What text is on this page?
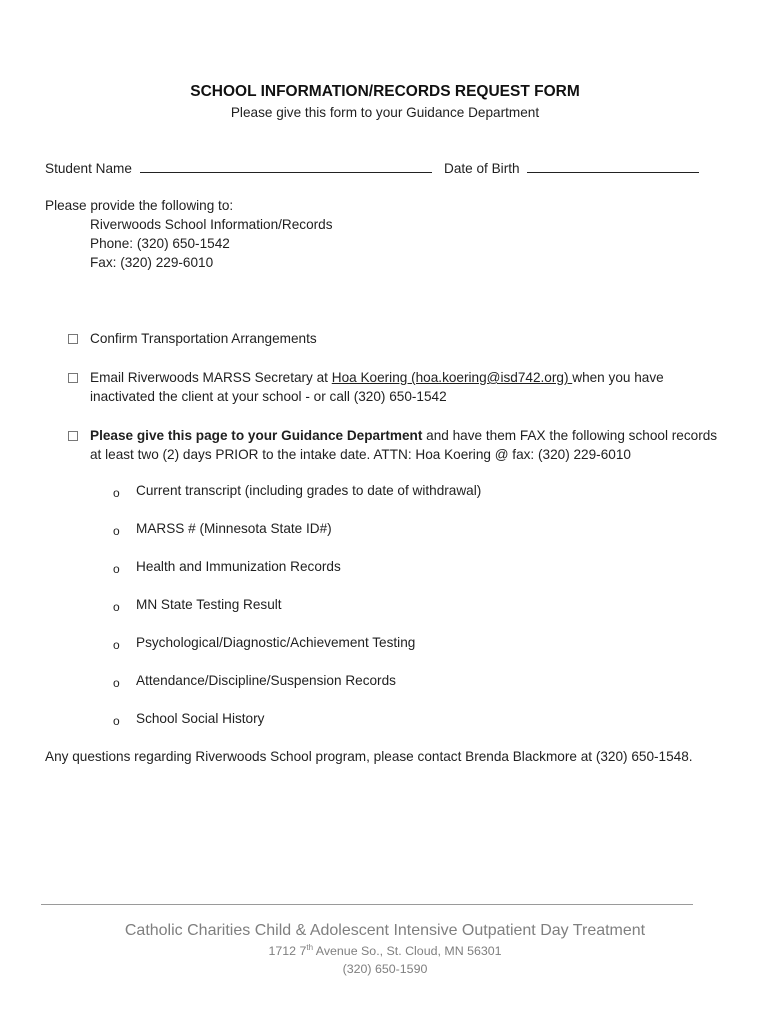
SCHOOL INFORMATION/RECORDS REQUEST FORM
Please give this form to your Guidance Department
Student Name	Date of Birth
Please provide the following to:
Riverwoods School Information/Records
Phone: (320) 650-1542
Fax: (320) 229-6010
Confirm Transportation Arrangements
Email Riverwoods MARSS Secretary at Hoa Koering (hoa.koering@isd742.org) when you have inactivated the client at your school - or call (320) 650-1542
Please give this page to your Guidance Department and have them FAX the following school records at least two (2) days PRIOR to the intake date. ATTN: Hoa Koering @ fax: (320) 229-6010
o Current transcript (including grades to date of withdrawal)
o MARSS # (Minnesota State ID#)
o Health and Immunization Records
o MN State Testing Result
o Psychological/Diagnostic/Achievement Testing
o Attendance/Discipline/Suspension Records
o School Social History
Any questions regarding Riverwoods School program, please contact Brenda Blackmore at (320) 650-1548.
Catholic Charities Child & Adolescent Intensive Outpatient Day Treatment
1712 7th Avenue So., St. Cloud, MN 56301
(320) 650-1590
